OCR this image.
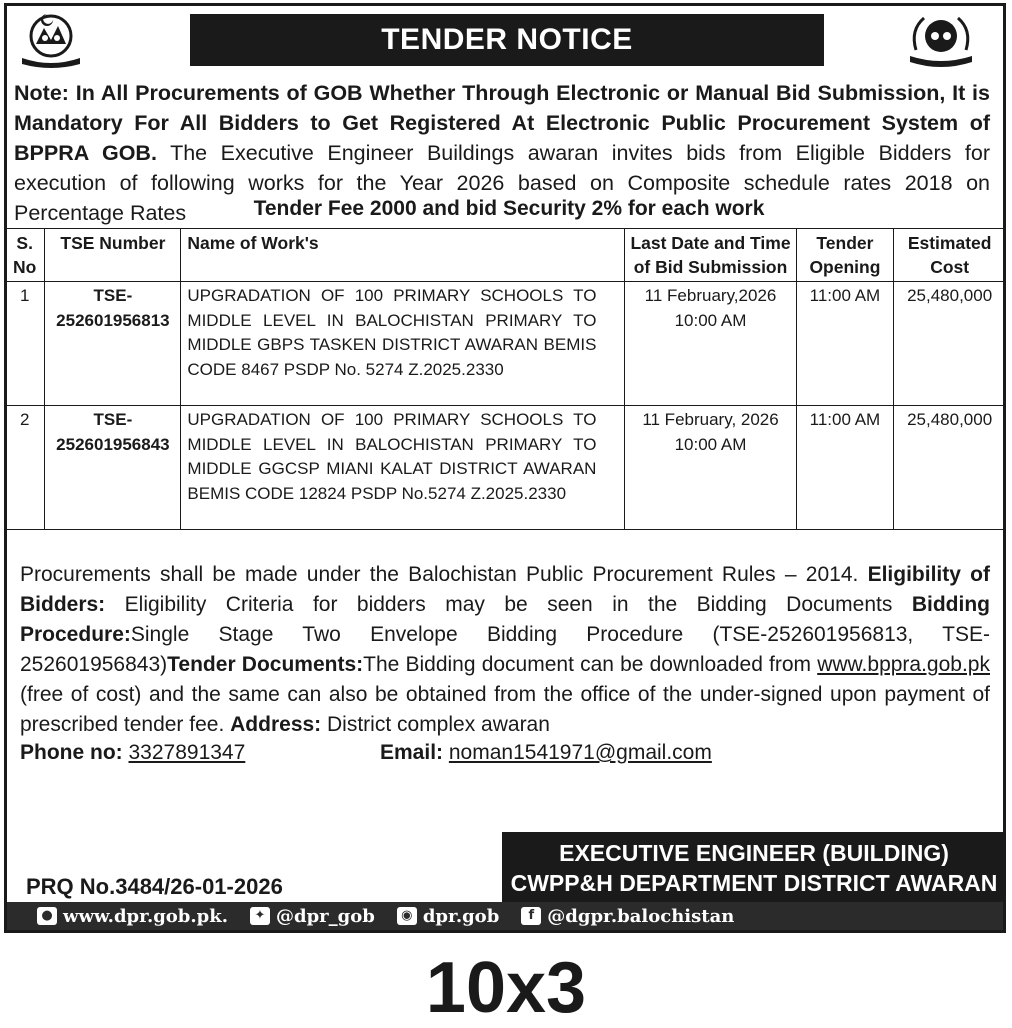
TENDER NOTICE
Note: In All Procurements of GOB Whether Through Electronic or Manual Bid Submission, It is Mandatory For All Bidders to Get Registered At Electronic Public Procurement System of BPPRA GOB. The Executive Engineer Buildings awaran invites bids from Eligible Bidders for execution of following works for the Year 2026 based on Composite schedule rates 2018 on Percentage Rates	Tender Fee 2000 and bid Security 2% for each work
S. No	TSE Number	Name of Work's	Last Date and Time of Bid Submission	Tender Opening	Estimated Cost
1	TSE-252601956813	UPGRADATION OF 100 PRIMARY SCHOOLS TO MIDDLE LEVEL IN BALOCHISTAN PRIMARY TO MIDDLE GBPS TASKEN DISTRICT AWARAN BEMIS CODE 8467 PSDP No. 5274 Z.2025.2330	11 February,2026 10:00 AM	11:00 AM	25,480,000
2	TSE-252601956843	UPGRADATION OF 100 PRIMARY SCHOOLS TO MIDDLE LEVEL IN BALOCHISTAN PRIMARY TO MIDDLE GGCSP MIANI KALAT DISTRICT AWARAN BEMIS CODE 12824 PSDP No.5274 Z.2025.2330	11 February, 2026 10:00 AM	11:00 AM	25,480,000
Procurements shall be made under the Balochistan Public Procurement Rules – 2014. Eligibility of Bidders: Eligibility Criteria for bidders may be seen in the Bidding Documents Bidding Procedure:Single Stage Two Envelope Bidding Procedure (TSE-252601956813, TSE-252601956843)Tender Documents:The Bidding document can be downloaded from www.bppra.gob.pk (free of cost) and the same can also be obtained from the office of the under-signed upon payment of prescribed tender fee. Address: District complex awaran
Phone no: 3327891347	Email: noman1541971@gmail.com
EXECUTIVE ENGINEER (BUILDING)
CWPP&H DEPARTMENT DISTRICT AWARAN
PRQ No.3484/26-01-2026
● www.dpr.gob.pk.	✦ @dpr_gob	◉ dpr.gob	f @dgpr.balochistan
10x3
